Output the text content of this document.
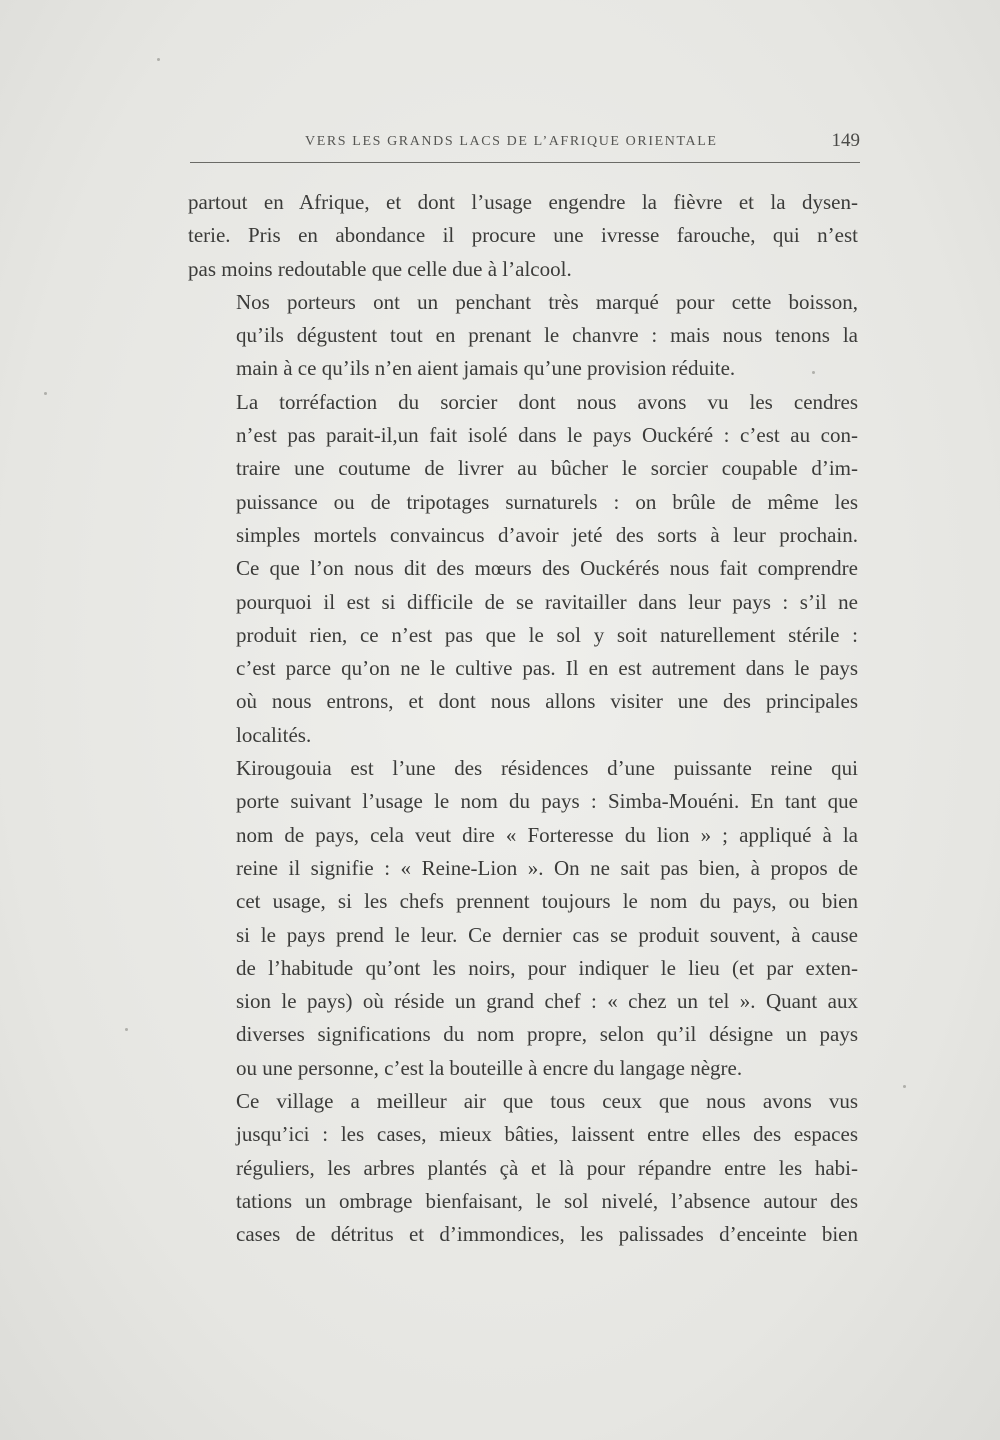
VERS LES GRANDS LACS DE L’AFRIQUE ORIENTALE	149

partout en Afrique, et dont l’usage engendre la fièvre et la dysen-
terie. Pris en abondance il procure une ivresse farouche, qui n’est
pas moins redoutable que celle due à l’alcool.

Nos porteurs ont un penchant très marqué pour cette boisson,
qu’ils dégustent tout en prenant le chanvre : mais nous tenons la
main à ce qu’ils n’en aient jamais qu’une provision réduite.

La torréfaction du sorcier dont nous avons vu les cendres
n’est pas parait-il,un fait isolé dans le pays Ouckéré : c’est au con-
traire une coutume de livrer au bûcher le sorcier coupable d’im-
puissance ou de tripotages surnaturels : on brûle de même les
simples mortels convaincus d’avoir jeté des sorts à leur prochain.
Ce que l’on nous dit des mœurs des Ouckérés nous fait comprendre
pourquoi il est si difficile de se ravitailler dans leur pays : s’il ne
produit rien, ce n’est pas que le sol y soit naturellement stérile :
c’est parce qu’on ne le cultive pas. Il en est autrement dans le pays
où nous entrons, et dont nous allons visiter une des principales
localités.

Kirougouia est l’une des résidences d’une puissante reine qui
porte suivant l’usage le nom du pays : Simba-Mouéni. En tant que
nom de pays, cela veut dire « Forteresse du lion » ; appliqué à la
reine il signifie : « Reine-Lion ». On ne sait pas bien, à propos de
cet usage, si les chefs prennent toujours le nom du pays, ou bien
si le pays prend le leur. Ce dernier cas se produit souvent, à cause
de l’habitude qu’ont les noirs, pour indiquer le lieu (et par exten-
sion le pays) où réside un grand chef : « chez un tel ». Quant aux
diverses significations du nom propre, selon qu’il désigne un pays
ou une personne, c’est la bouteille à encre du langage nègre.

Ce village a meilleur air que tous ceux que nous avons vus
jusqu’ici : les cases, mieux bâties, laissent entre elles des espaces
réguliers, les arbres plantés çà et là pour répandre entre les habi-
tations un ombrage bienfaisant, le sol nivelé, l’absence autour des
cases de détritus et d’immondices, les palissades d’enceinte bien
